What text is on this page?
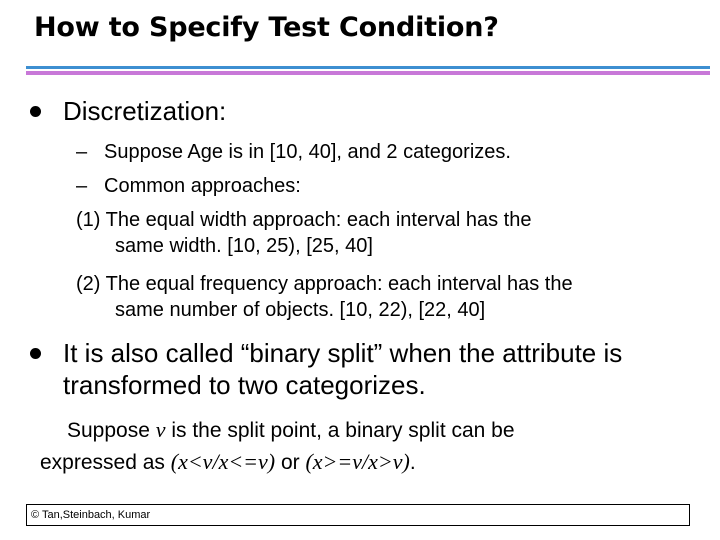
How to Specify Test Condition?
Discretization:
– Suppose Age is in [10, 40], and 2 categorizes.
– Common approaches:
(1) The equal width approach: each interval has the
same width. [10, 25), [25, 40]
(2) The equal frequency approach: each interval has the
same number of objects. [10, 22), [22, 40]
It is also called “binary split” when the attribute is
transformed to two categorizes.
Suppose v is the split point, a binary split can be
expressed as (x<v/x<=v) or (x>=v/x>v).
© Tan,Steinbach, Kumar
